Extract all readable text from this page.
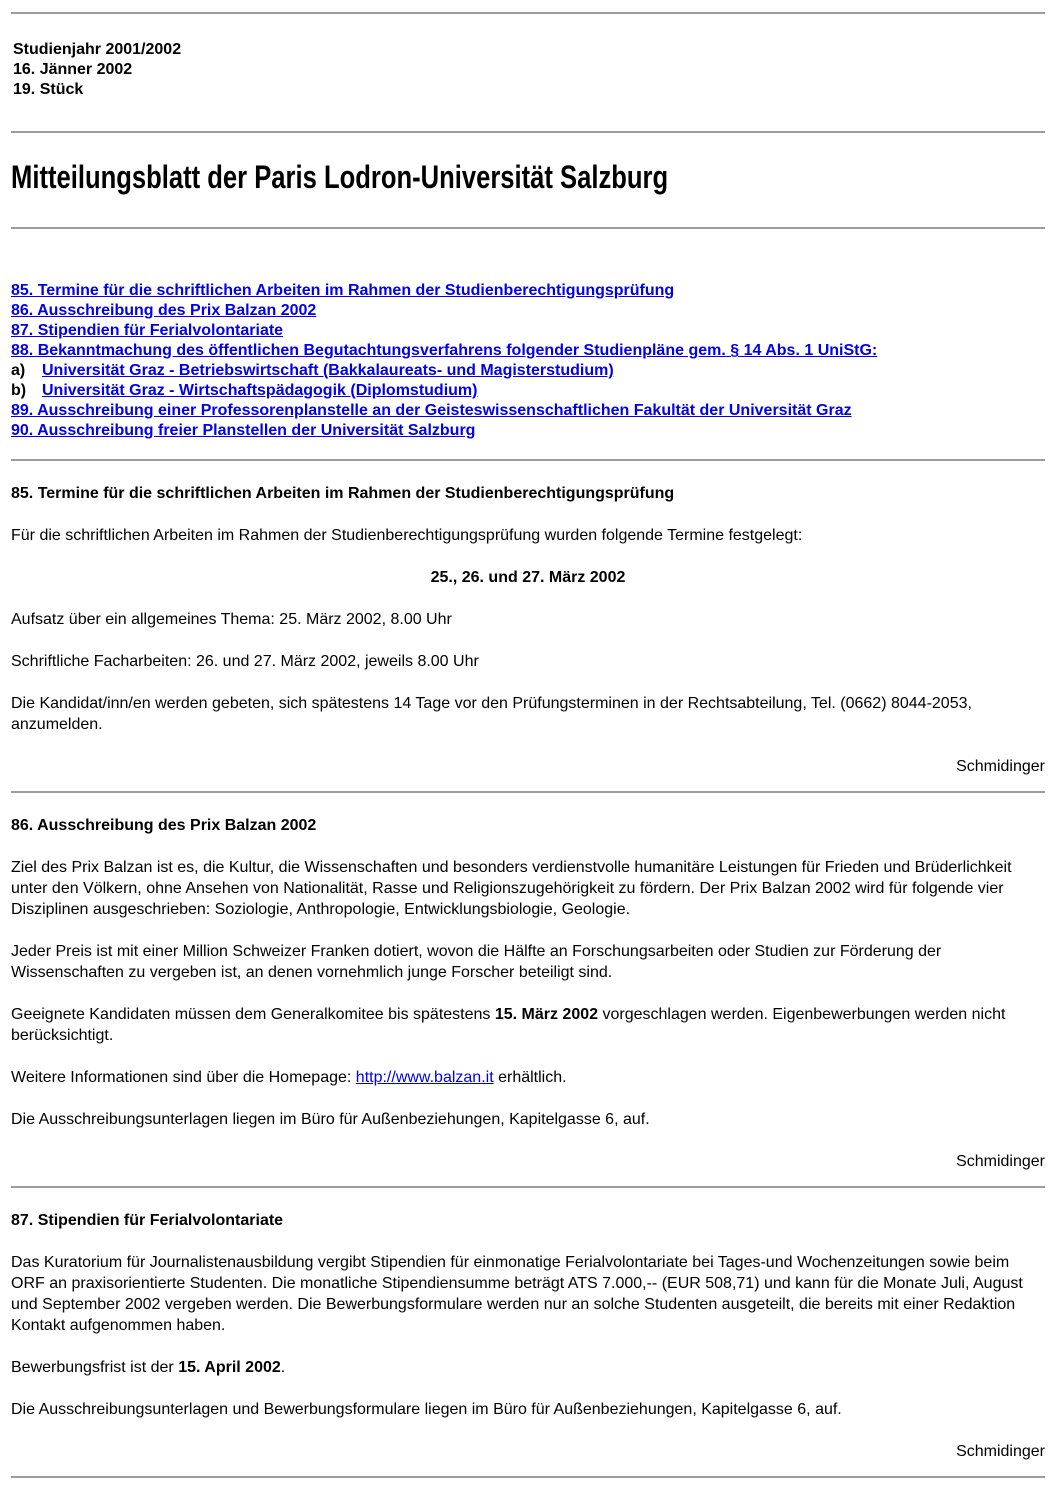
Studienjahr 2001/2002
16. Jänner 2002
19. Stück
Mitteilungsblatt der Paris Lodron-Universität Salzburg
85. Termine für die schriftlichen Arbeiten im Rahmen der Studienberechtigungsprüfung
86. Ausschreibung des Prix Balzan 2002
87. Stipendien für Ferialvolontariate
88. Bekanntmachung des öffentlichen Begutachtungsverfahrens folgender Studienpläne gem. § 14 Abs. 1 UniStG:
a) Universität Graz - Betriebswirtschaft (Bakkalaureats- und Magisterstudium)
b) Universität Graz - Wirtschaftspädagogik (Diplomstudium)
89. Ausschreibung einer Professorenplanstelle an der Geisteswissenschaftlichen Fakultät der Universität Graz
90. Ausschreibung freier Planstellen der Universität Salzburg
85. Termine für die schriftlichen Arbeiten im Rahmen der Studienberechtigungsprüfung

Für die schriftlichen Arbeiten im Rahmen der Studienberechtigungsprüfung wurden folgende Termine festgelegt:

25., 26. und 27. März 2002

Aufsatz über ein allgemeines Thema: 25. März 2002, 8.00 Uhr

Schriftliche Facharbeiten: 26. und 27. März 2002, jeweils 8.00 Uhr

Die Kandidat/inn/en werden gebeten, sich spätestens 14 Tage vor den Prüfungsterminen in der Rechtsabteilung, Tel. (0662) 8044-2053, anzumelden.

Schmidinger
86. Ausschreibung des Prix Balzan 2002

Ziel des Prix Balzan ist es, die Kultur, die Wissenschaften und besonders verdienstvolle humanitäre Leistungen für Frieden und Brüderlichkeit unter den Völkern, ohne Ansehen von Nationalität, Rasse und Religionszugehörigkeit zu fördern. Der Prix Balzan 2002 wird für folgende vier Disziplinen ausgeschrieben: Soziologie, Anthropologie, Entwicklungsbiologie, Geologie.

Jeder Preis ist mit einer Million Schweizer Franken dotiert, wovon die Hälfte an Forschungsarbeiten oder Studien zur Förderung der Wissenschaften zu vergeben ist, an denen vornehmlich junge Forscher beteiligt sind.

Geeignete Kandidaten müssen dem Generalkomitee bis spätestens 15. März 2002 vorgeschlagen werden. Eigenbewerbungen werden nicht berücksichtigt.

Weitere Informationen sind über die Homepage: http://www.balzan.it erhältlich.

Die Ausschreibungsunterlagen liegen im Büro für Außenbeziehungen, Kapitelgasse 6, auf.

Schmidinger
87. Stipendien für Ferialvolontariate

Das Kuratorium für Journalistenausbildung vergibt Stipendien für einmonatige Ferialvolontariate bei Tages-und Wochenzeitungen sowie beim ORF an praxisorientierte Studenten. Die monatliche Stipendiensumme beträgt ATS 7.000,-- (EUR 508,71) und kann für die Monate Juli, August und September 2002 vergeben werden. Die Bewerbungsformulare werden nur an solche Studenten ausgeteilt, die bereits mit einer Redaktion Kontakt aufgenommen haben.

Bewerbungsfrist ist der 15. April 2002.

Die Ausschreibungsunterlagen und Bewerbungsformulare liegen im Büro für Außenbeziehungen, Kapitelgasse 6, auf.

Schmidinger
